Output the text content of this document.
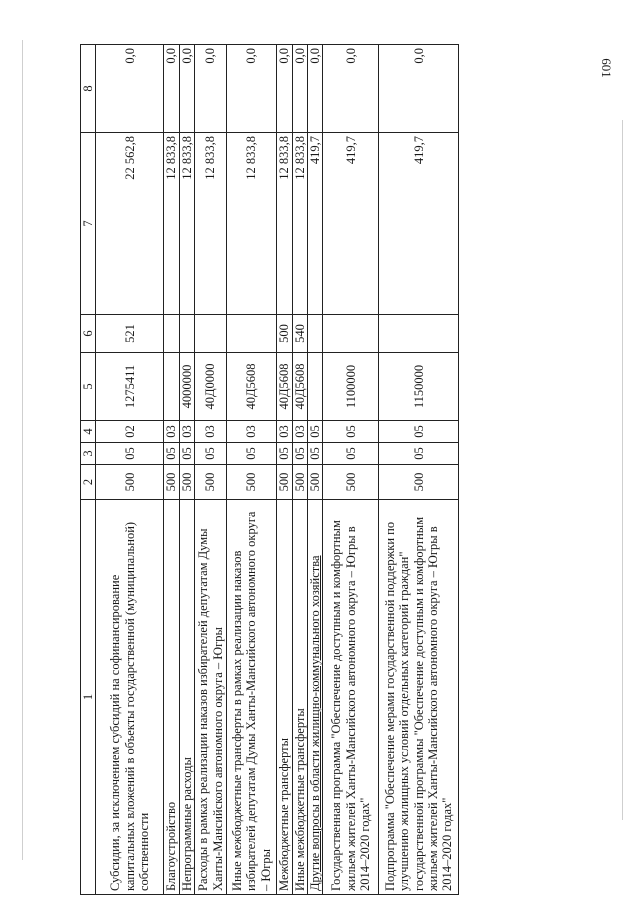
601
1	2	3	4	5	6	7	8
Субсидии, за исключением субсидий на софинансирование капитальных вложений в объекты государственной (муниципальной) собственности	500	05	02	1275411	521	22 562,8	0,0
Благоустройство	500	05	03			12 833,8	0,0
Непрограммные расходы	500	05	03	4000000		12 833,8	0,0
Расходы в рамках реализации наказов избирателей депутатам Думы Ханты-Мансийского автономного округа – Югры	500	05	03	40Д0000		12 833,8	0,0
Иные межбюджетные трансферты в рамках реализации наказов избирателей депутатам Думы Ханты-Мансийского автономного округа – Югры	500	05	03	40Д5608		12 833,8	0,0
Межбюджетные трансферты	500	05	03	40Д5608	500	12 833,8	0,0
Иные межбюджетные трансферты	500	05	03	40Д5608	540	12 833,8	0,0
Другие вопросы в области жилищно-коммунального хозяйства	500	05	05			419,7	0,0
Государственная программа "Обеспечение доступным и комфортным жильем жителей Ханты-Мансийского автономного округа – Югры в 2014–2020 годах"	500	05	05	1100000		419,7	0,0
Подпрограмма "Обеспечение мерами государственной поддержки по улучшению жилищных условий отдельных категорий граждан" государственной программы "Обеспечение доступным и комфортным жильем жителей Ханты-Мансийского автономного округа – Югры в 2014–2020 годах"	500	05	05	1150000		419,7	0,0
